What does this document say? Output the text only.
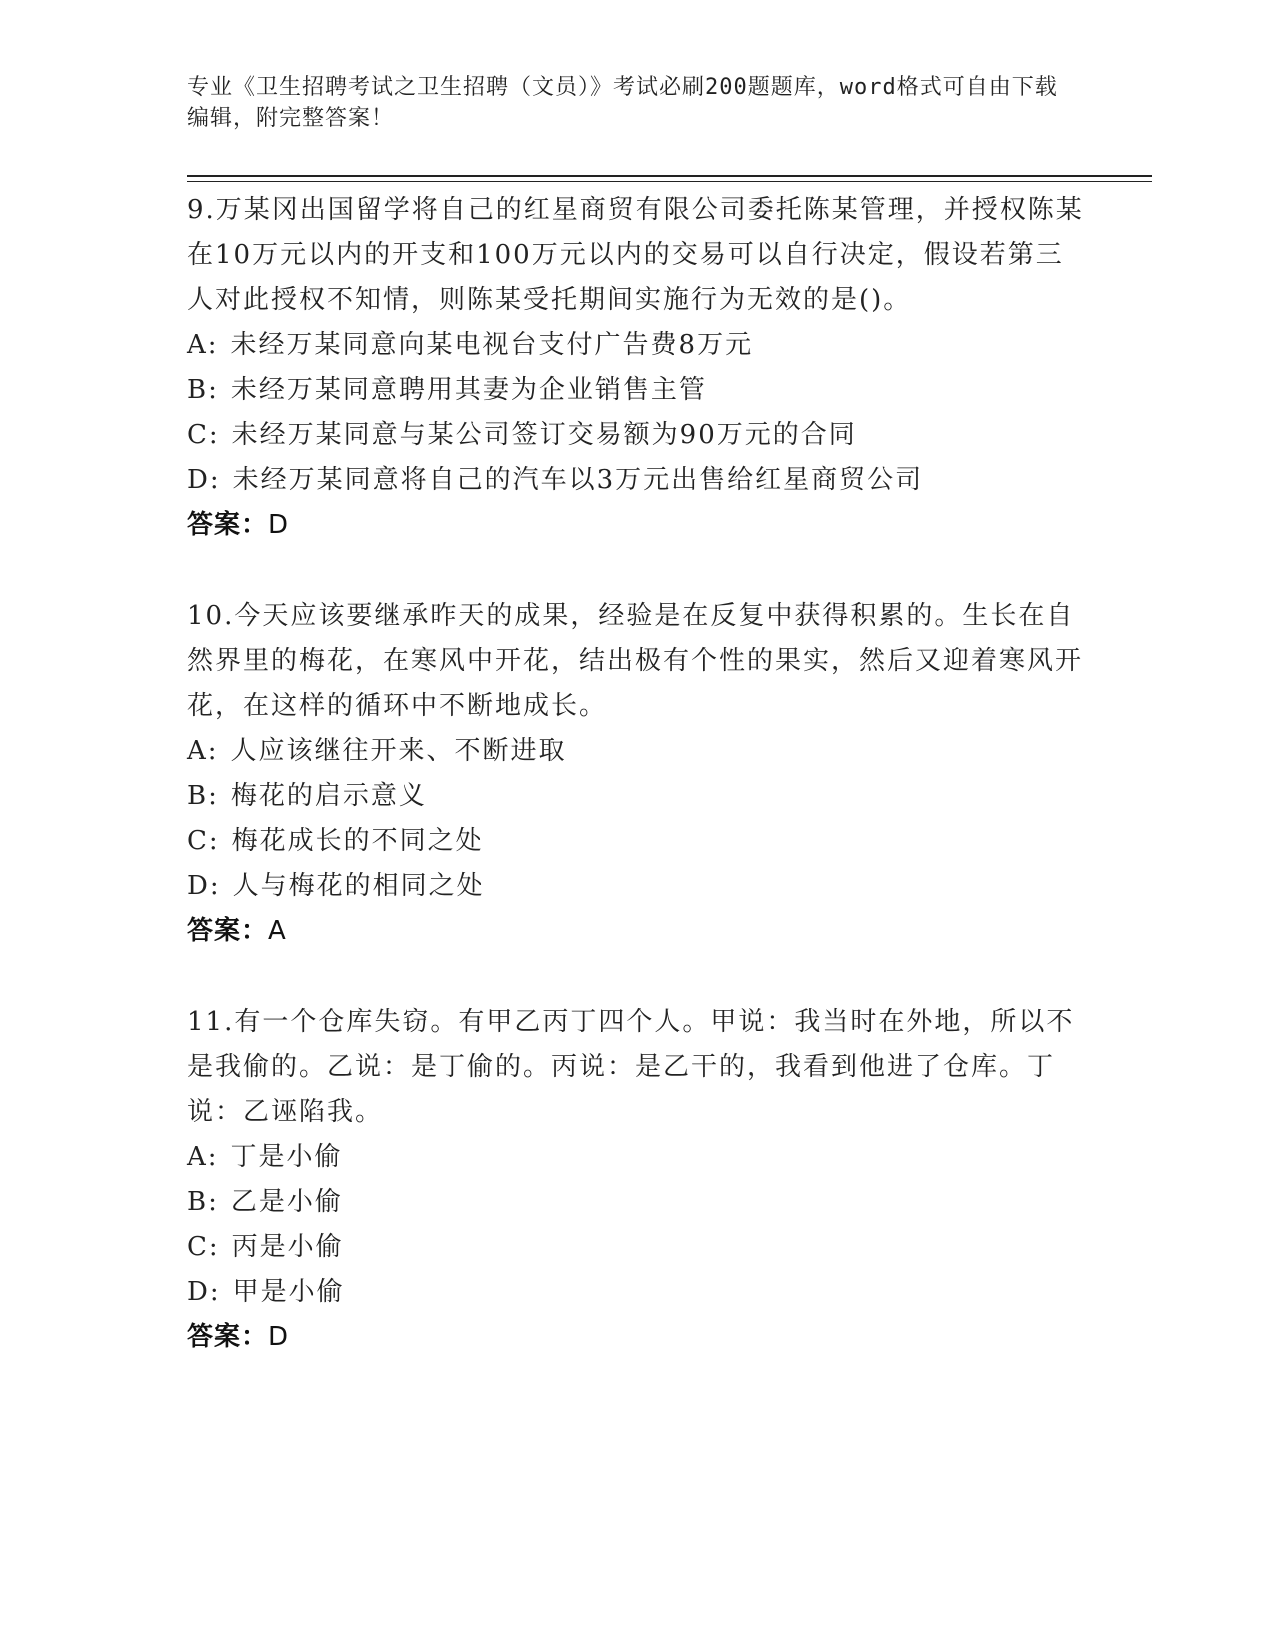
专业《卫生招聘考试之卫生招聘（文员）》考试必刷200题题库，word格式可自由下载编辑，附完整答案！
9.万某冈出国留学将自己的红星商贸有限公司委托陈某管理，并授权陈某在10万元以内的开支和100万元以内的交易可以自行决定，假设若第三人对此授权不知情，则陈某受托期间实施行为无效的是()。
A: 未经万某同意向某电视台支付广告费8万元
B: 未经万某同意聘用其妻为企业销售主管
C: 未经万某同意与某公司签订交易额为90万元的合同
D: 未经万某同意将自己的汽车以3万元出售给红星商贸公司
答案：D
10.今天应该要继承昨天的成果，经验是在反复中获得积累的。生长在自然界里的梅花，在寒风中开花，结出极有个性的果实，然后又迎着寒风开花，在这样的循环中不断地成长。
A: 人应该继往开来、不断进取
B: 梅花的启示意义
C: 梅花成长的不同之处
D: 人与梅花的相同之处
答案：A
11.有一个仓库失窃。有甲乙丙丁四个人。甲说：我当时在外地，所以不是我偷的。乙说：是丁偷的。丙说：是乙干的，我看到他进了仓库。丁说：乙诬陷我。
A: 丁是小偷
B: 乙是小偷
C: 丙是小偷
D: 甲是小偷
答案：D
